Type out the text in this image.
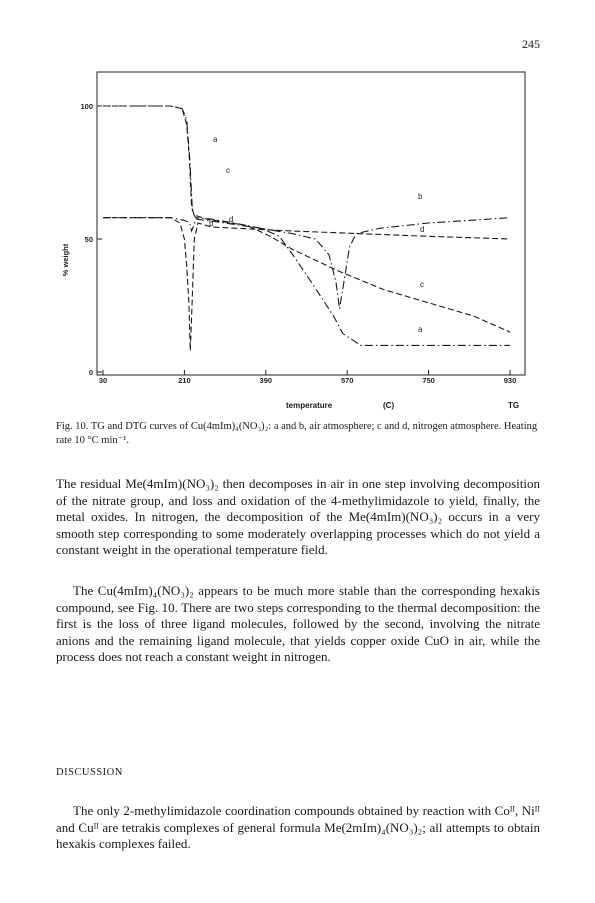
245
30	210	390	570	750	930
0
50
100
% weight
a
b
c
d
a
b
c
d
temperature	(C)	TG
Fig. 10. TG and DTG curves of Cu(4mIm)₄(NO₃)₂: a and b, air atmosphere; c and d, nitrogen atmosphere. Heating rate 10 °C min⁻¹.

The residual Me(4mIm)(NO₃)₂ then decomposes in air in one step involving decomposition of the nitrate group, and loss and oxidation of the 4-methylimidazole to yield, finally, the metal oxides. In nitrogen, the decomposition of the Me(4mIm)(NO₃)₂ occurs in a very smooth step corresponding to some moderately overlapping processes which do not yield a constant weight in the operational temperature field.

The Cu(4mIm)₄(NO₃)₂ appears to be much more stable than the corresponding hexakis compound, see Fig. 10. There are two steps corresponding to the thermal decomposition: the first is the loss of three ligand molecules, followed by the second, involving the nitrate anions and the remaining ligand molecule, that yields copper oxide CuO in air, while the process does not reach a constant weight in nitrogen.

DISCUSSION

The only 2-methylimidazole coordination compounds obtained by reaction with Coᴵᴵ, Niᴵᴵ and Cuᴵᴵ are tetrakis complexes of general formula Me(2mIm)₄(NO₃)₂; all attempts to obtain hexakis complexes failed.
